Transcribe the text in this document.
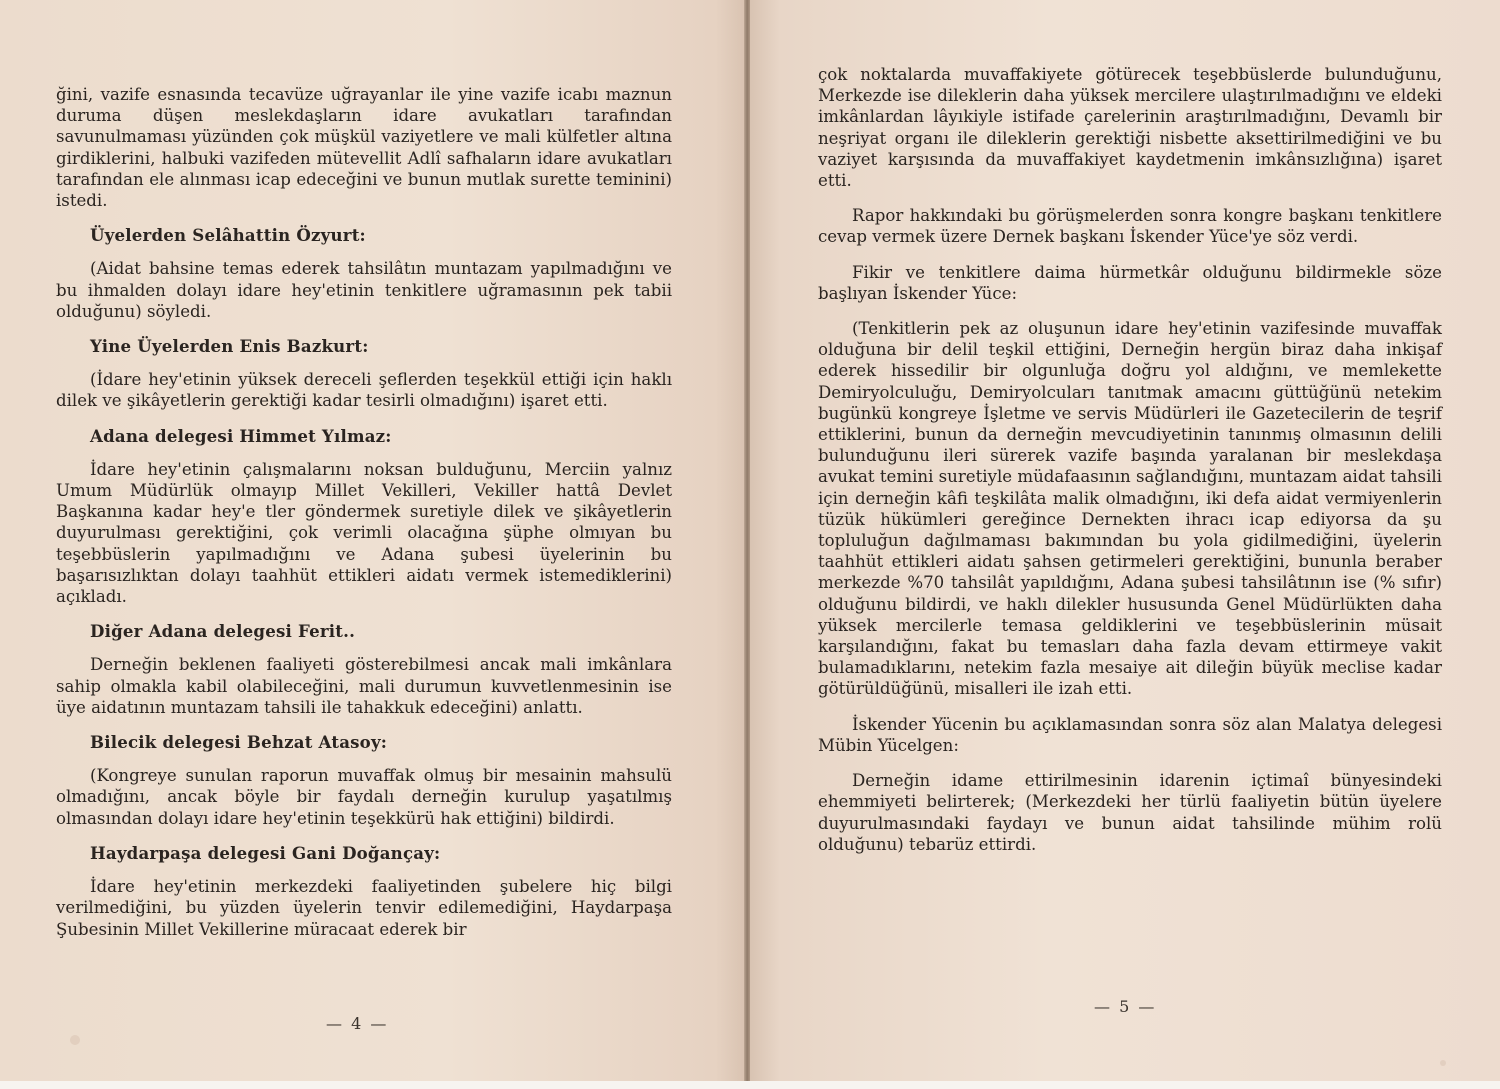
ğini, vazife esnasında tecavüze uğrayanlar ile yine vazife icabı maznun duruma düşen meslekdaşların idare avukatları tarafından savunulmaması yüzünden çok müşkül vaziyetlere ve mali külfetler altına girdiklerini, halbuki vazifeden mütevellit Adlî safhaların idare avukatları tarafından ele alınması icap edeceğini ve bunun mutlak surette teminini) istedi.

Üyelerden Selâhattin Özyurt:

(Aidat bahsine temas ederek tahsilâtın muntazam yapılmadığını ve bu ihmalden dolayı idare hey'etinin tenkitlere uğramasının pek tabii olduğunu) söyledi.

Yine Üyelerden Enis Bazkurt:

(İdare hey'etinin yüksek dereceli şeflerden teşekkül ettiği için haklı dilek ve şikâyetlerin gerektiği kadar tesirli olmadığını) işaret etti.

Adana delegesi Himmet Yılmaz:

İdare hey'etinin çalışmalarını noksan bulduğunu, Merciin yalnız Umum Müdürlük olmayıp Millet Vekilleri, Vekiller hattâ Devlet Başkanına kadar hey'e tler göndermek suretiyle dilek ve şikâyetlerin duyurulması gerektiğini, çok verimli olacağına şüphe olmıyan bu teşebbüslerin yapılmadığını ve Adana şubesi üyelerinin bu başarısızlıktan dolayı taahhüt ettikleri aidatı vermek istemediklerini) açıkladı.

Diğer Adana delegesi Ferit..

Derneğin beklenen faaliyeti gösterebilmesi ancak mali imkânlara sahip olmakla kabil olabileceğini, mali durumun kuvvetlenmesinin ise üye aidatının muntazam tahsili ile tahakkuk edeceğini) anlattı.

Bilecik delegesi Behzat Atasoy:

(Kongreye sunulan raporun muvaffak olmuş bir mesainin mahsulü olmadığını, ancak böyle bir faydalı derneğin kurulup yaşatılmış olmasından dolayı idare hey'etinin teşekkürü hak ettiğini) bildirdi.

Haydarpaşa delegesi Gani Doğançay:

İdare hey'etinin merkezdeki faaliyetinden şubelere hiç bilgi verilmediğini, bu yüzden üyelerin tenvir edilemediğini, Haydarpaşa Şubesinin Millet Vekillerine müracaat ederek bir

— 4 —

çok noktalarda muvaffakiyete götürecek teşebbüslerde bulunduğunu, Merkezde ise dileklerin daha yüksek mercilere ulaştırılmadığını ve eldeki imkânlardan lâyıkiyle istifade çarelerinin araştırılmadığını, Devamlı bir neşriyat organı ile dileklerin gerektiği nisbette aksettirilmediğini ve bu vaziyet karşısında da muvaffakiyet kaydetmenin imkânsızlığına) işaret etti.

Rapor hakkındaki bu görüşmelerden sonra kongre başkanı tenkitlere cevap vermek üzere Dernek başkanı İskender Yüce'ye söz verdi.

Fikir ve tenkitlere daima hürmetkâr olduğunu bildirmekle söze başlıyan İskender Yüce:

(Tenkitlerin pek az oluşunun idare hey'etinin vazifesinde muvaffak olduğuna bir delil teşkil ettiğini, Derneğin hergün biraz daha inkişaf ederek hissedilir bir olgunluğa doğru yol aldığını, ve memlekette Demiryolculuğu, Demiryolcuları tanıtmak amacını güttüğünü netekim bugünkü kongreye İşletme ve servis Müdürleri ile Gazetecilerin de teşrif ettiklerini, bunun da derneğin mevcudiyetinin tanınmış olmasının delili bulunduğunu ileri sürerek vazife başında yaralanan bir meslekdaşa avukat temini suretiyle müdafaasının sağlandığını, muntazam aidat tahsili için derneğin kâfi teşkilâta malik olmadığını, iki defa aidat vermiyenlerin tüzük hükümleri gereğince Dernekten ihracı icap ediyorsa da şu topluluğun dağılmaması bakımından bu yola gidilmediğini, üyelerin taahhüt ettikleri aidatı şahsen getirmeleri gerektiğini, bununla beraber merkezde %70 tahsilât yapıldığını, Adana şubesi tahsilâtının ise (% sıfır) olduğunu bildirdi, ve haklı dilekler hususunda Genel Müdürlükten daha yüksek mercilerle temasa geldiklerini ve teşebbüslerinin müsait karşılandığını, fakat bu temasları daha fazla devam ettirmeye vakit bulamadıklarını, netekim fazla mesaiye ait dileğin büyük meclise kadar götürüldüğünü, misalleri ile izah etti.

İskender Yücenin bu açıklamasından sonra söz alan Malatya delegesi Mübin Yücelgen:

Derneğin idame ettirilmesinin idarenin içtimaî bünyesindeki ehemmiyeti belirterek; (Merkezdeki her türlü faaliyetin bütün üyelere duyurulmasındaki faydayı ve bunun aidat tahsilinde mühim rolü olduğunu) tebarüz ettirdi.

— 5 —
